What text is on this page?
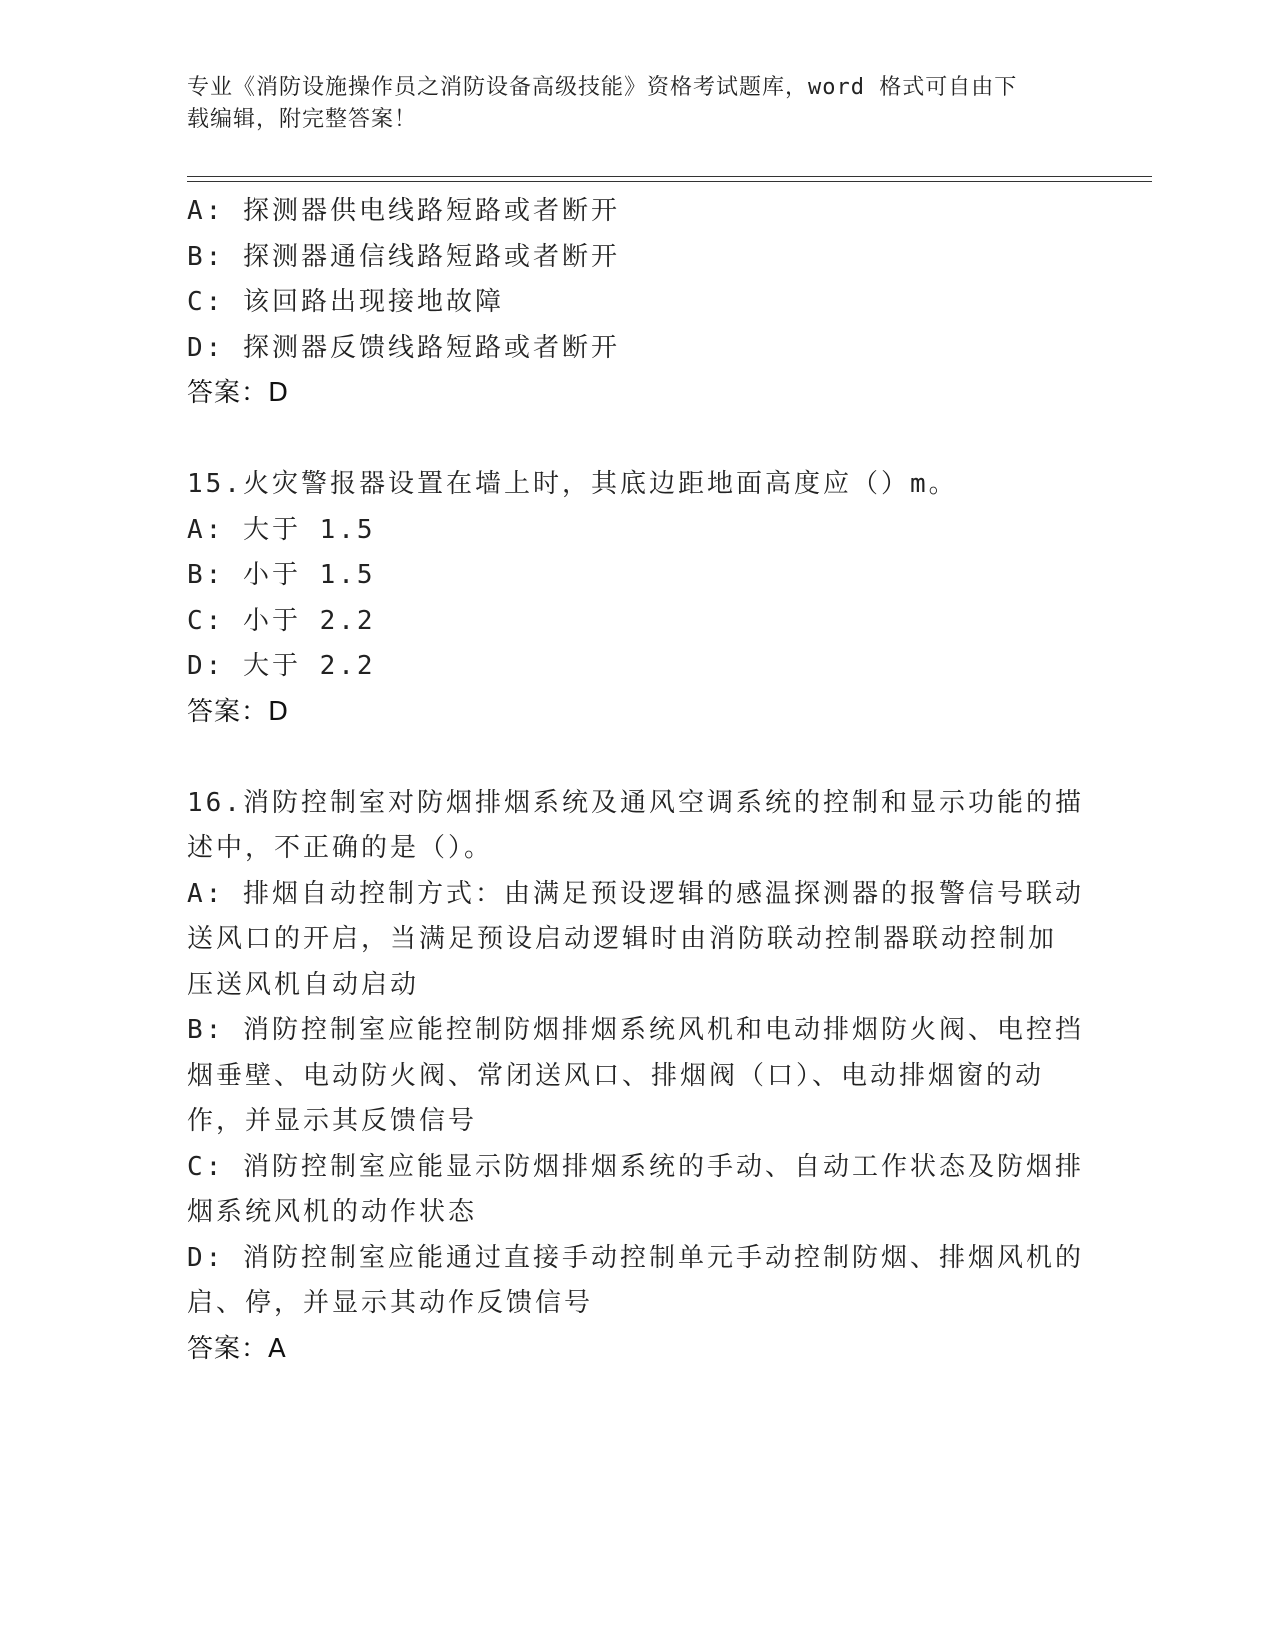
专业《消防设施操作员之消防设备高级技能》资格考试题库，word 格式可自由下
载编辑，附完整答案！
A: 探测器供电线路短路或者断开
B: 探测器通信线路短路或者断开
C: 该回路出现接地故障
D: 探测器反馈线路短路或者断开
答案：D
15.火灾警报器设置在墙上时，其底边距地面高度应（）m。
A: 大于 1.5
B: 小于 1.5
C: 小于 2.2
D: 大于 2.2
答案：D
16.消防控制室对防烟排烟系统及通风空调系统的控制和显示功能的描
述中，不正确的是（）。
A: 排烟自动控制方式：由满足预设逻辑的感温探测器的报警信号联动
送风口的开启，当满足预设启动逻辑时由消防联动控制器联动控制加
压送风机自动启动
B: 消防控制室应能控制防烟排烟系统风机和电动排烟防火阀、电控挡
烟垂壁、电动防火阀、常闭送风口、排烟阀（口）、电动排烟窗的动
作，并显示其反馈信号
C: 消防控制室应能显示防烟排烟系统的手动、自动工作状态及防烟排
烟系统风机的动作状态
D: 消防控制室应能通过直接手动控制单元手动控制防烟、排烟风机的
启、停，并显示其动作反馈信号
答案：A
